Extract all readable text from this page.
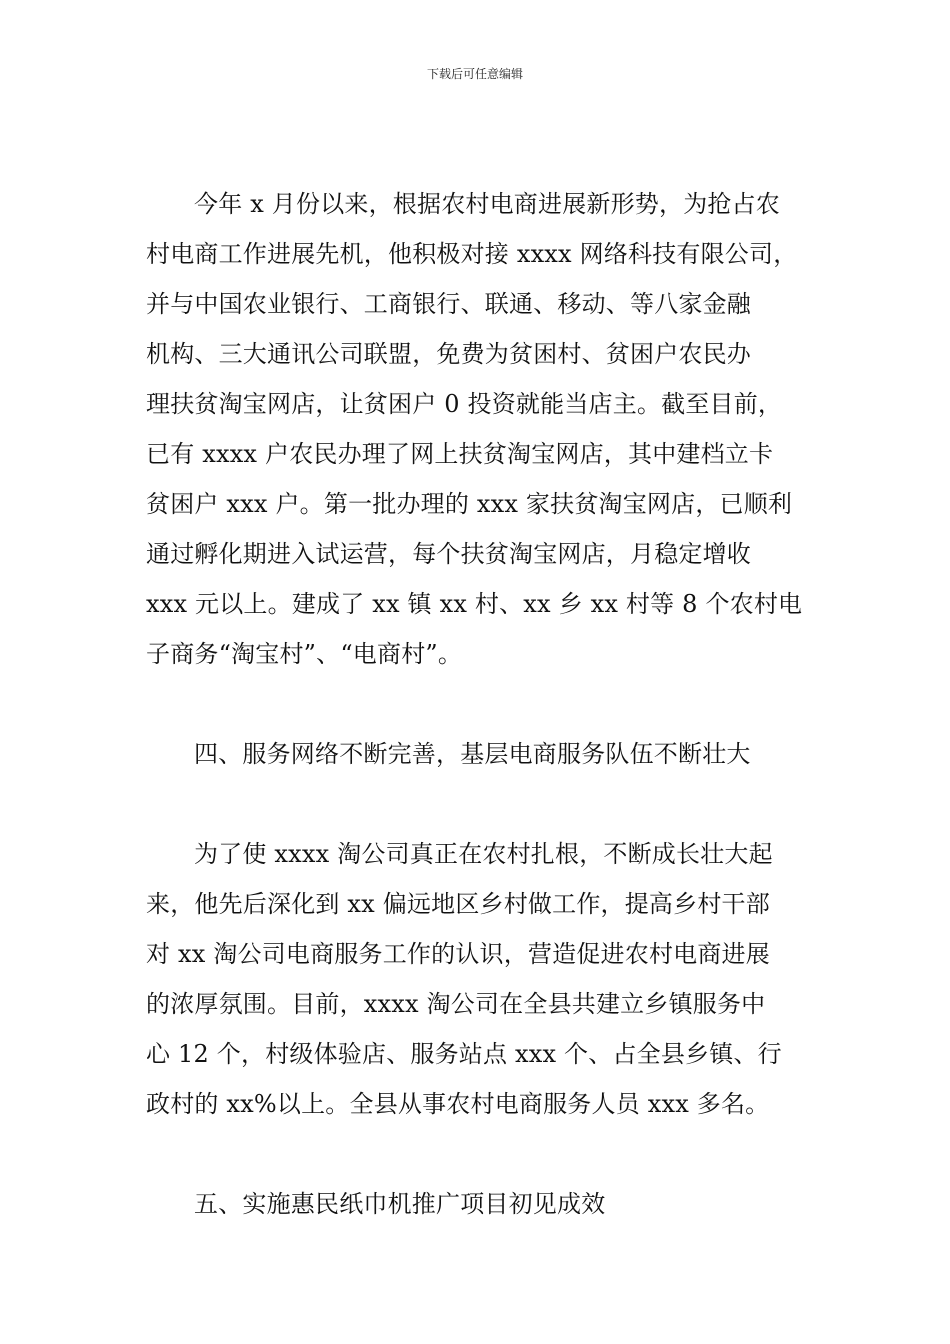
下载后可任意编辑
今年 x 月份以来，根据农村电商进展新形势，为抢占农
村电商工作进展先机，他积极对接 xxxx 网络科技有限公司，
并与中国农业银行、工商银行、联通、移动、等八家金融
机构、三大通讯公司联盟，免费为贫困村、贫困户农民办
理扶贫淘宝网店，让贫困户 0 投资就能当店主。截至目前，
已有 xxxx 户农民办理了网上扶贫淘宝网店，其中建档立卡
贫困户 xxx 户。第一批办理的 xxx 家扶贫淘宝网店，已顺利
通过孵化期进入试运营，每个扶贫淘宝网店，月稳定增收
xxx 元以上。建成了 xx 镇 xx 村、xx 乡 xx 村等 8 个农村电
子商务“淘宝村”、“电商村”。
四、服务网络不断完善，基层电商服务队伍不断壮大
为了使 xxxx 淘公司真正在农村扎根，不断成长壮大起
来，他先后深化到 xx 偏远地区乡村做工作，提高乡村干部
对 xx 淘公司电商服务工作的认识，营造促进农村电商进展
的浓厚氛围。目前，xxxx 淘公司在全县共建立乡镇服务中
心 12 个，村级体验店、服务站点 xxx 个、占全县乡镇、行
政村的 xx%以上。全县从事农村电商服务人员 xxx 多名。
五、实施惠民纸巾机推广项目初见成效
